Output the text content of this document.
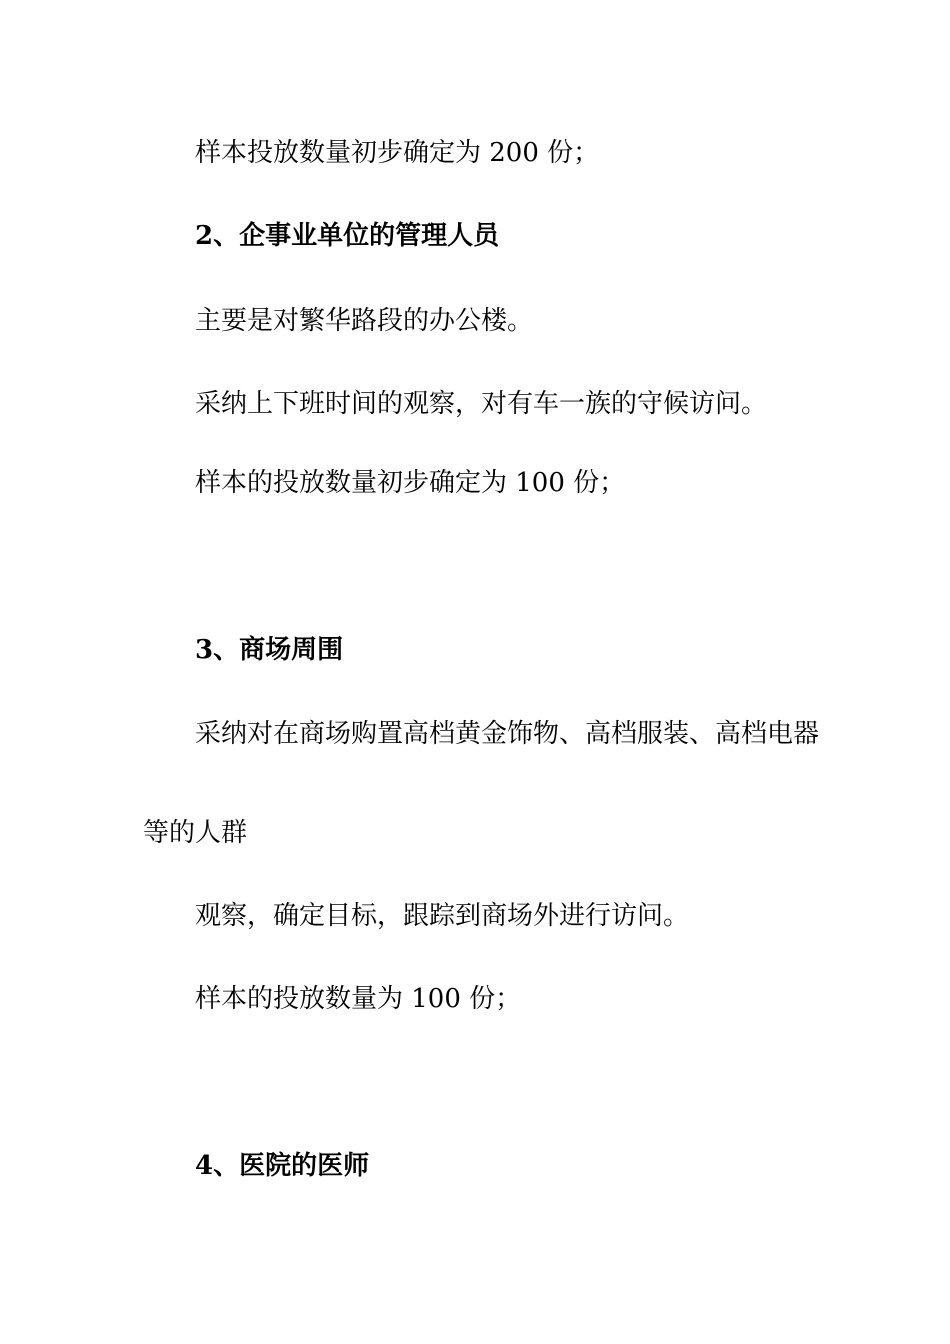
样本投放数量初步确定为 200 份；
2、企事业单位的管理人员
主要是对繁华路段的办公楼。
采纳上下班时间的观察，对有车一族的守候访问。
样本的投放数量初步确定为 100 份；
3、商场周围
采纳对在商场购置高档黄金饰物、高档服装、高档电器
等的人群
观察，确定目标，跟踪到商场外进行访问。
样本的投放数量为 100 份；
4、医院的医师
